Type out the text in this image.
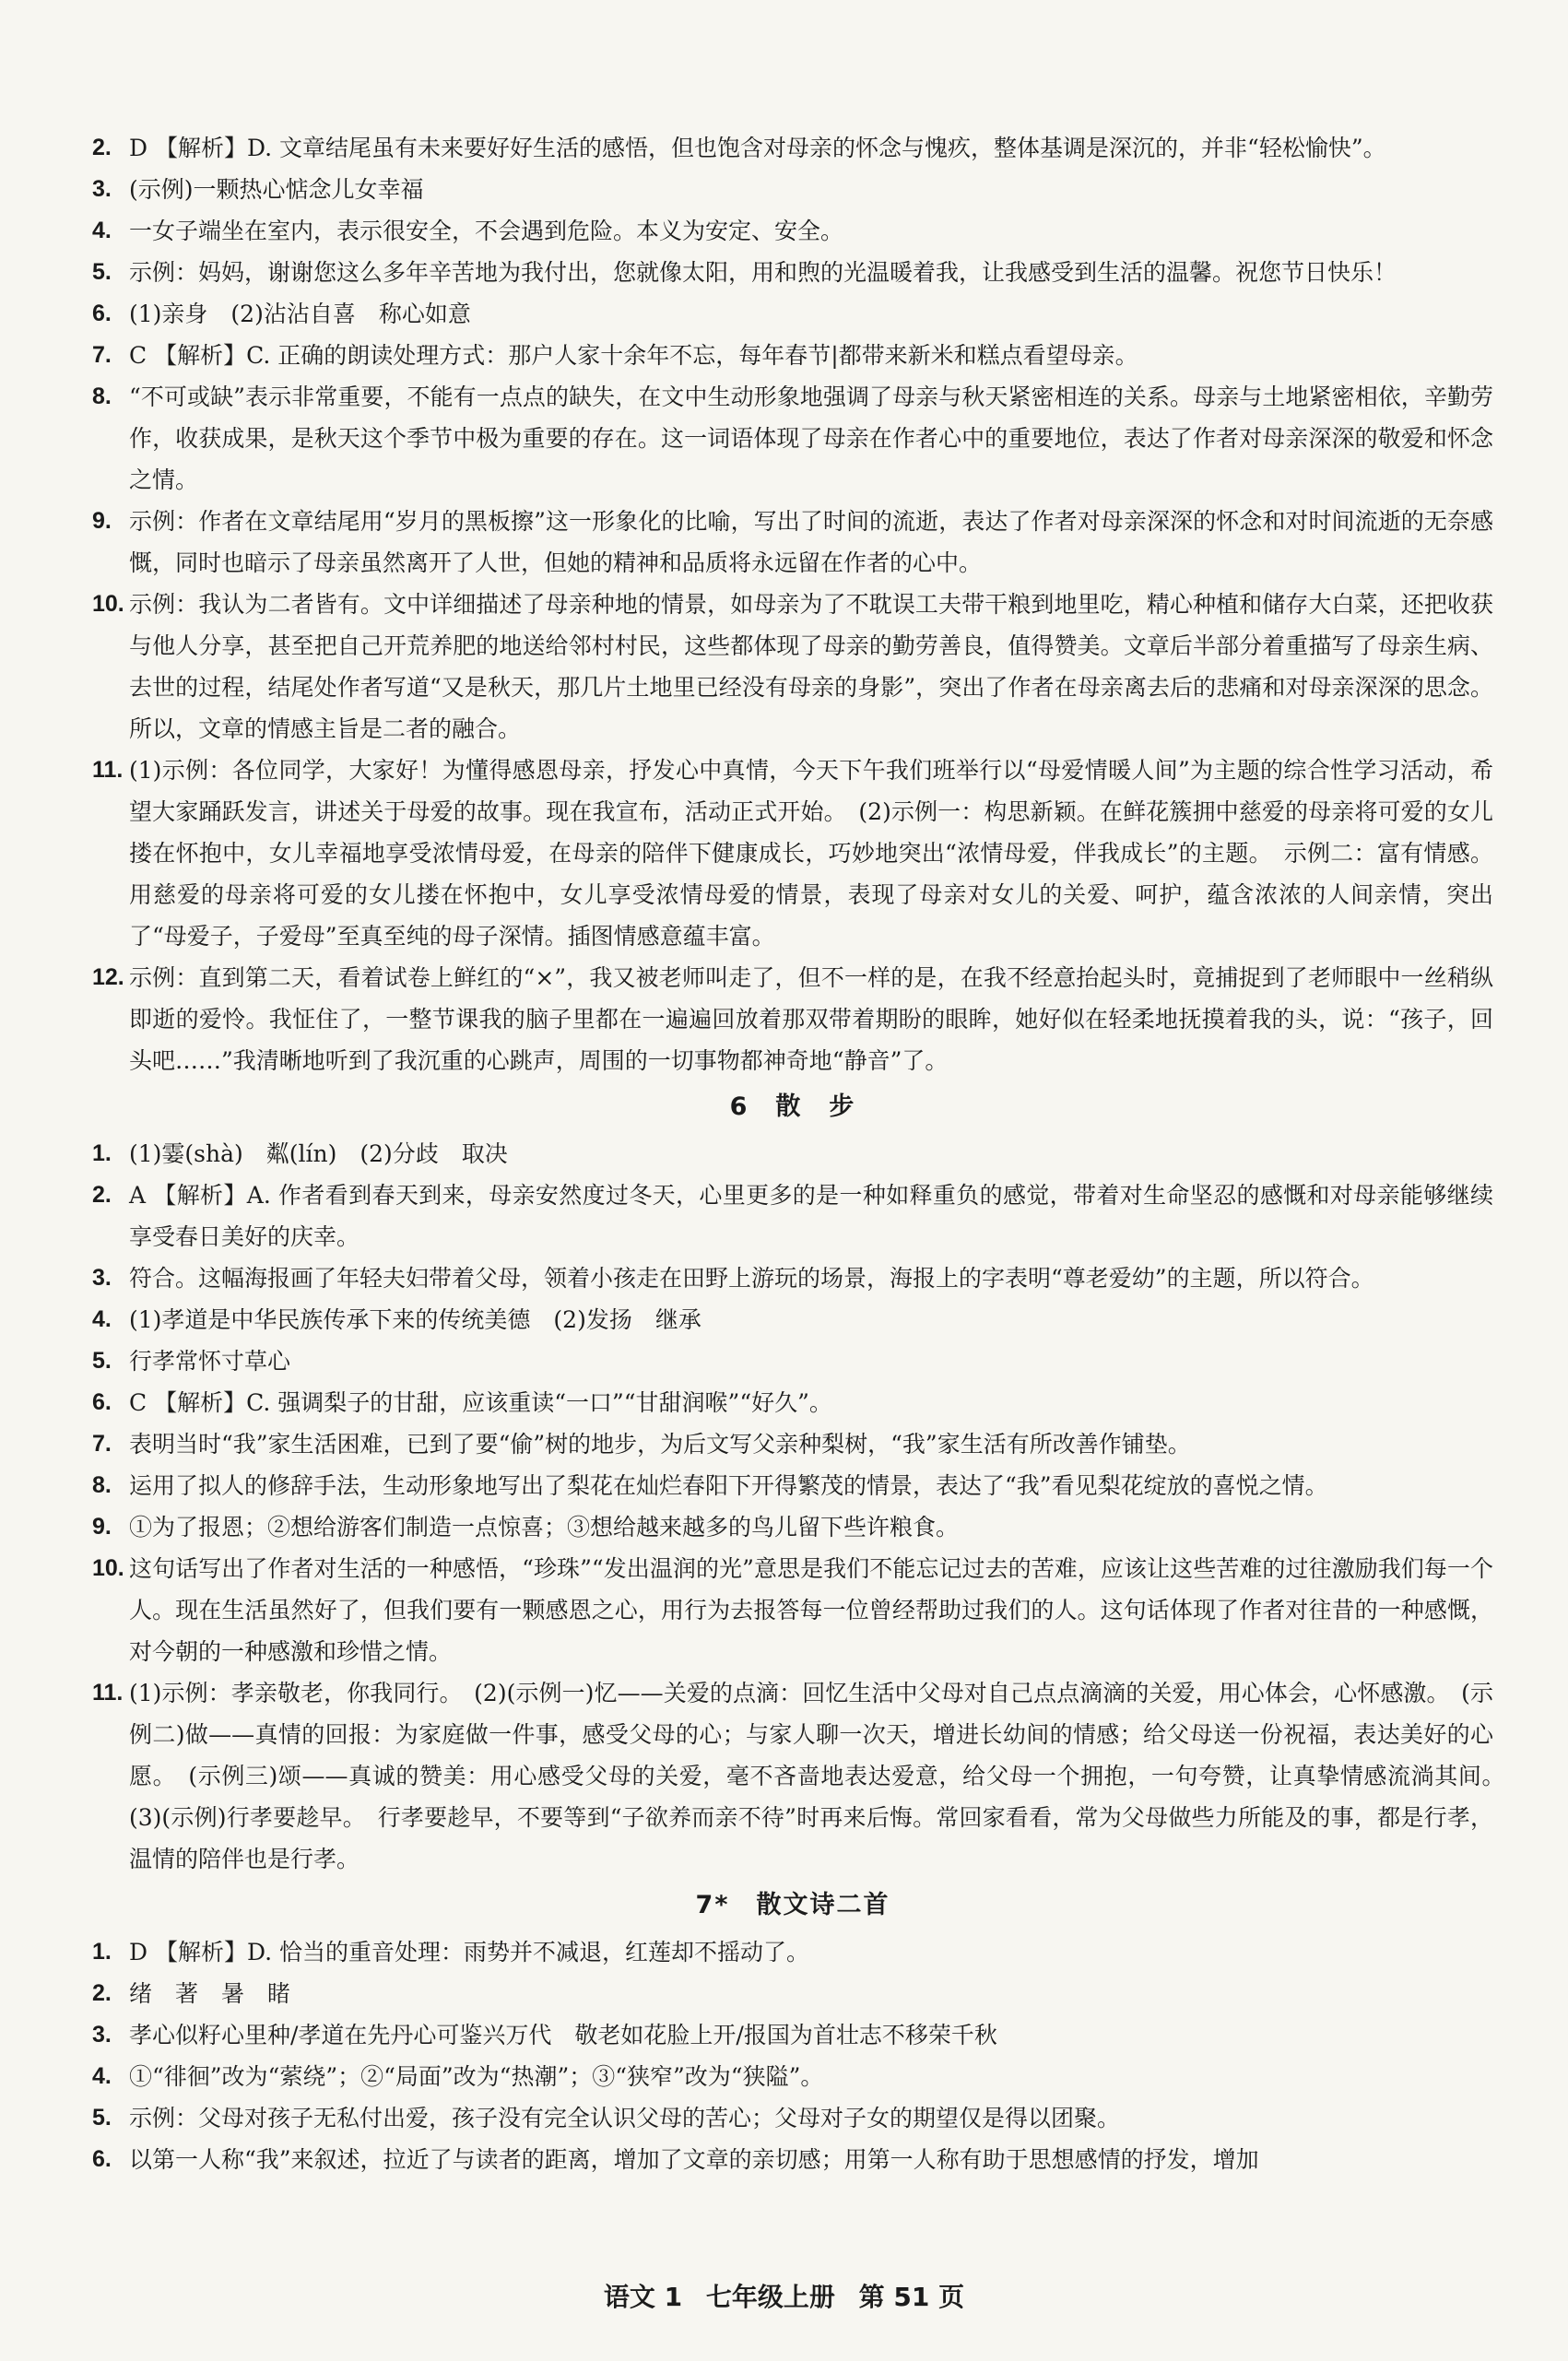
2. D 【解析】D. 文章结尾虽有未来要好好生活的感悟，但也饱含对母亲的怀念与愧疚，整体基调是深沉的，并非“轻松愉快”。
3. (示例)一颗热心惦念儿女幸福
4. 一女子端坐在室内，表示很安全，不会遇到危险。本义为安定、安全。
5. 示例：妈妈，谢谢您这么多年辛苦地为我付出，您就像太阳，用和煦的光温暖着我，让我感受到生活的温馨。祝您节日快乐！
6. (1)亲身　(2)沾沾自喜　称心如意
7. C 【解析】C. 正确的朗读处理方式：那户人家十余年不忘，每年春节|都带来新米和糕点看望母亲。
8. “不可或缺”表示非常重要，不能有一点点的缺失，在文中生动形象地强调了母亲与秋天紧密相连的关系。母亲与土地紧密相依，辛勤劳作，收获成果，是秋天这个季节中极为重要的存在。这一词语体现了母亲在作者心中的重要地位，表达了作者对母亲深深的敬爱和怀念之情。
9. 示例：作者在文章结尾用“岁月的黑板擦”这一形象化的比喻，写出了时间的流逝，表达了作者对母亲深深的怀念和对时间流逝的无奈感慨，同时也暗示了母亲虽然离开了人世，但她的精神和品质将永远留在作者的心中。
10. 示例：我认为二者皆有。文中详细描述了母亲种地的情景，如母亲为了不耽误工夫带干粮到地里吃，精心种植和储存大白菜，还把收获与他人分享，甚至把自己开荒养肥的地送给邻村村民，这些都体现了母亲的勤劳善良，值得赞美。文章后半部分着重描写了母亲生病、去世的过程，结尾处作者写道“又是秋天，那几片土地里已经没有母亲的身影”，突出了作者在母亲离去后的悲痛和对母亲深深的思念。所以，文章的情感主旨是二者的融合。
11. (1)示例：各位同学，大家好！为懂得感恩母亲，抒发心中真情，今天下午我们班举行以“母爱情暖人间”为主题的综合性学习活动，希望大家踊跃发言，讲述关于母爱的故事。现在我宣布，活动正式开始。　(2)示例一：构思新颖。在鲜花簇拥中慈爱的母亲将可爱的女儿搂在怀抱中，女儿幸福地享受浓情母爱，在母亲的陪伴下健康成长，巧妙地突出“浓情母爱，伴我成长”的主题。　示例二：富有情感。用慈爱的母亲将可爱的女儿搂在怀抱中，女儿享受浓情母爱的情景，表现了母亲对女儿的关爱、呵护，蕴含浓浓的人间亲情，突出了“母爱子，子爱母”至真至纯的母子深情。插图情感意蕴丰富。
12. 示例：直到第二天，看着试卷上鲜红的“×”，我又被老师叫走了，但不一样的是，在我不经意抬起头时，竟捕捉到了老师眼中一丝稍纵即逝的爱怜。我怔住了，一整节课我的脑子里都在一遍遍回放着那双带着期盼的眼眸，她好似在轻柔地抚摸着我的头，说：“孩子，回头吧……”我清晰地听到了我沉重的心跳声，周围的一切事物都神奇地“静音”了。
6　散　步
1. (1)霎(shà)　粼(lín)　(2)分歧　取决
2. A 【解析】A. 作者看到春天到来，母亲安然度过冬天，心里更多的是一种如释重负的感觉，带着对生命坚忍的感慨和对母亲能够继续享受春日美好的庆幸。
3. 符合。这幅海报画了年轻夫妇带着父母，领着小孩走在田野上游玩的场景，海报上的字表明“尊老爱幼”的主题，所以符合。
4. (1)孝道是中华民族传承下来的传统美德　(2)发扬　继承
5. 行孝常怀寸草心
6. C 【解析】C. 强调梨子的甘甜，应该重读“一口”“甘甜润喉”“好久”。
7. 表明当时“我”家生活困难，已到了要“偷”树的地步，为后文写父亲种梨树，“我”家生活有所改善作铺垫。
8. 运用了拟人的修辞手法，生动形象地写出了梨花在灿烂春阳下开得繁茂的情景，表达了“我”看见梨花绽放的喜悦之情。
9. ①为了报恩；②想给游客们制造一点惊喜；③想给越来越多的鸟儿留下些许粮食。
10. 这句话写出了作者对生活的一种感悟，“珍珠”“发出温润的光”意思是我们不能忘记过去的苦难，应该让这些苦难的过往激励我们每一个人。现在生活虽然好了，但我们要有一颗感恩之心，用行为去报答每一位曾经帮助过我们的人。这句话体现了作者对往昔的一种感慨，对今朝的一种感激和珍惜之情。
11. (1)示例：孝亲敬老，你我同行。　(2)(示例一)忆——关爱的点滴：回忆生活中父母对自己点点滴滴的关爱，用心体会，心怀感激。　(示例二)做——真情的回报：为家庭做一件事，感受父母的心；与家人聊一次天，增进长幼间的情感；给父母送一份祝福，表达美好的心愿。　(示例三)颂——真诚的赞美：用心感受父母的关爱，毫不吝啬地表达爱意，给父母一个拥抱，一句夸赞，让真挚情感流淌其间。　(3)(示例)行孝要趁早。　行孝要趁早，不要等到“子欲养而亲不待”时再来后悔。常回家看看，常为父母做些力所能及的事，都是行孝，温情的陪伴也是行孝。
7*　散文诗二首
1. D 【解析】D. 恰当的重音处理：雨势并不减退，红莲却不摇动了。
2. 绪　著　暑　睹
3. 孝心似籽心里种/孝道在先丹心可鉴兴万代　敬老如花脸上开/报国为首壮志不移荣千秋
4. ①“徘徊”改为“萦绕”；②“局面”改为“热潮”；③“狭窄”改为“狭隘”。
5. 示例：父母对孩子无私付出爱，孩子没有完全认识父母的苦心；父母对子女的期望仅是得以团聚。
6. 以第一人称“我”来叙述，拉近了与读者的距离，增加了文章的亲切感；用第一人称有助于思想感情的抒发，增加
语文 1 七年级上册 第 51 页
